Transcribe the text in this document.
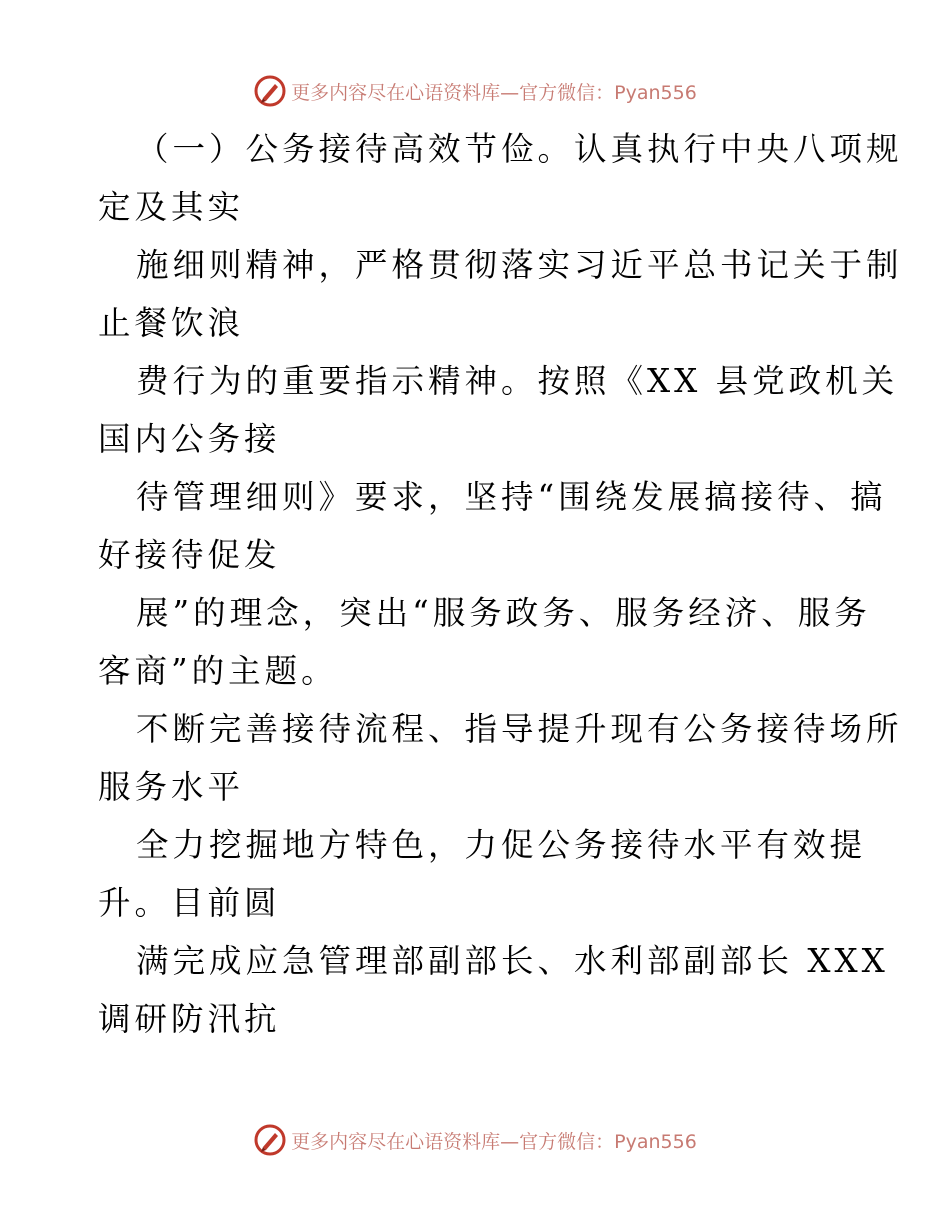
更多内容尽在心语资料库—官方微信：Pyan556
（一）公务接待高效节俭。认真执行中央八项规
定及其实
施细则精神，严格贯彻落实习近平总书记关于制
止餐饮浪
费行为的重要指示精神。按照《XX 县党政机关
国内公务接
待管理细则》要求，坚持“围绕发展搞接待、搞
好接待促发
展”的理念，突出“服务政务、服务经济、服务
客商”的主题。
不断完善接待流程、指导提升现有公务接待场所
服务水平
全力挖掘地方特色，力促公务接待水平有效提
升。目前圆
满完成应急管理部副部长、水利部副部长 XXX
调研防汛抗
更多内容尽在心语资料库—官方微信：Pyan556
